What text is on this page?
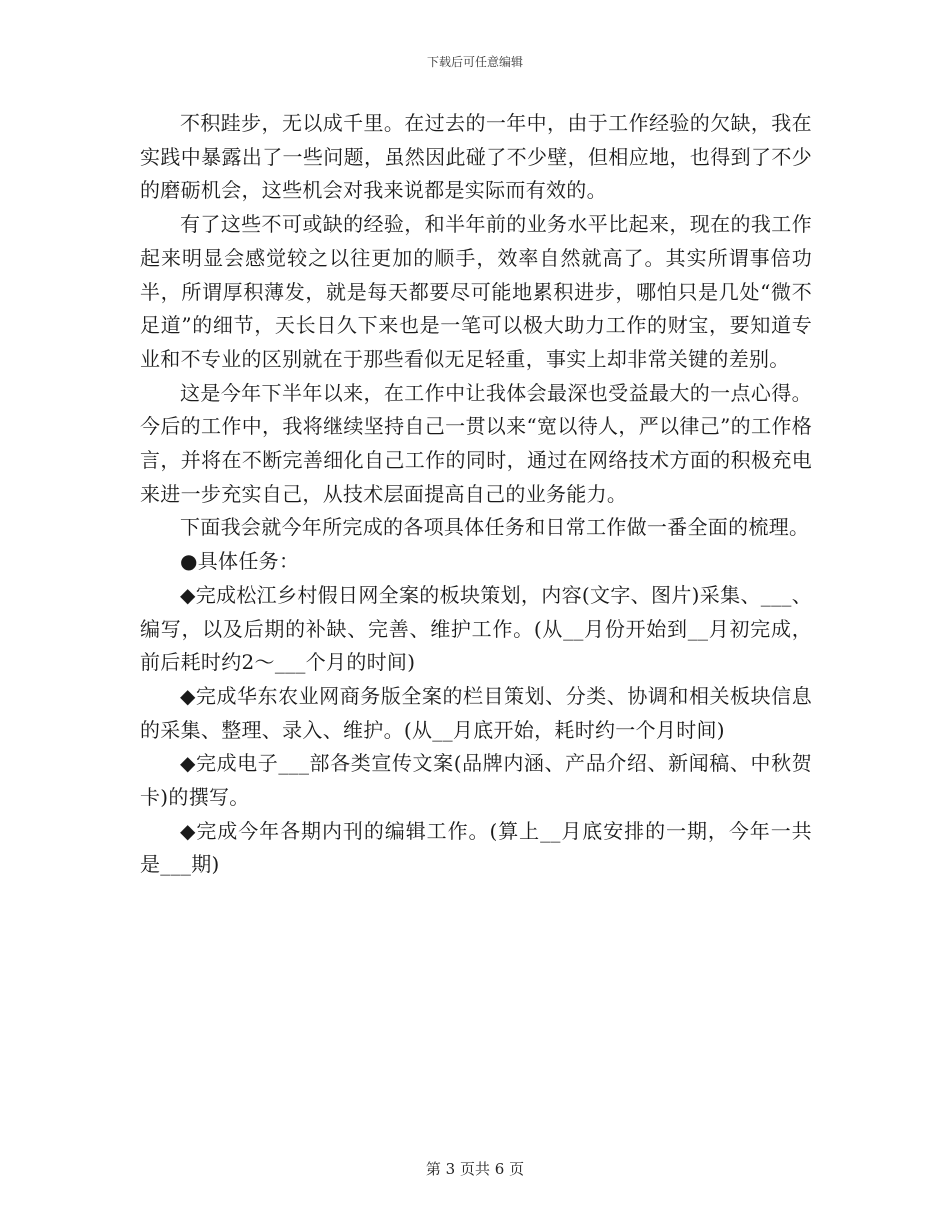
下载后可任意编辑

不积跬步，无以成千里。在过去的一年中，由于工作经验的欠缺，我在实践中暴露出了一些问题，虽然因此碰了不少壁，但相应地，也得到了不少的磨砺机会，这些机会对我来说都是实际而有效的。

有了这些不可或缺的经验，和半年前的业务水平比起来，现在的我工作起来明显会感觉较之以往更加的顺手，效率自然就高了。其实所谓事倍功半，所谓厚积薄发，就是每天都要尽可能地累积进步，哪怕只是几处“微不足道”的细节，天长日久下来也是一笔可以极大助力工作的财宝，要知道专业和不专业的区别就在于那些看似无足轻重，事实上却非常关键的差别。

这是今年下半年以来，在工作中让我体会最深也受益最大的一点心得。今后的工作中，我将继续坚持自己一贯以来“宽以待人，严以律己”的工作格言，并将在不断完善细化自己工作的同时，通过在网络技术方面的积极充电来进一步充实自己，从技术层面提高自己的业务能力。

下面我会就今年所完成的各项具体任务和日常工作做一番全面的梳理。

●具体任务：

◆完成松江乡村假日网全案的板块策划，内容(文字、图片)采集、___、编写，以及后期的补缺、完善、维护工作。(从__月份开始到__月初完成，前后耗时约2～___个月的时间)

◆完成华东农业网商务版全案的栏目策划、分类、协调和相关板块信息的采集、整理、录入、维护。(从__月底开始，耗时约一个月时间)

◆完成电子___部各类宣传文案(品牌内涵、产品介绍、新闻稿、中秋贺卡)的撰写。

◆完成今年各期内刊的编辑工作。(算上__月底安排的一期，今年一共是___期)

第 3 页共 6 页
